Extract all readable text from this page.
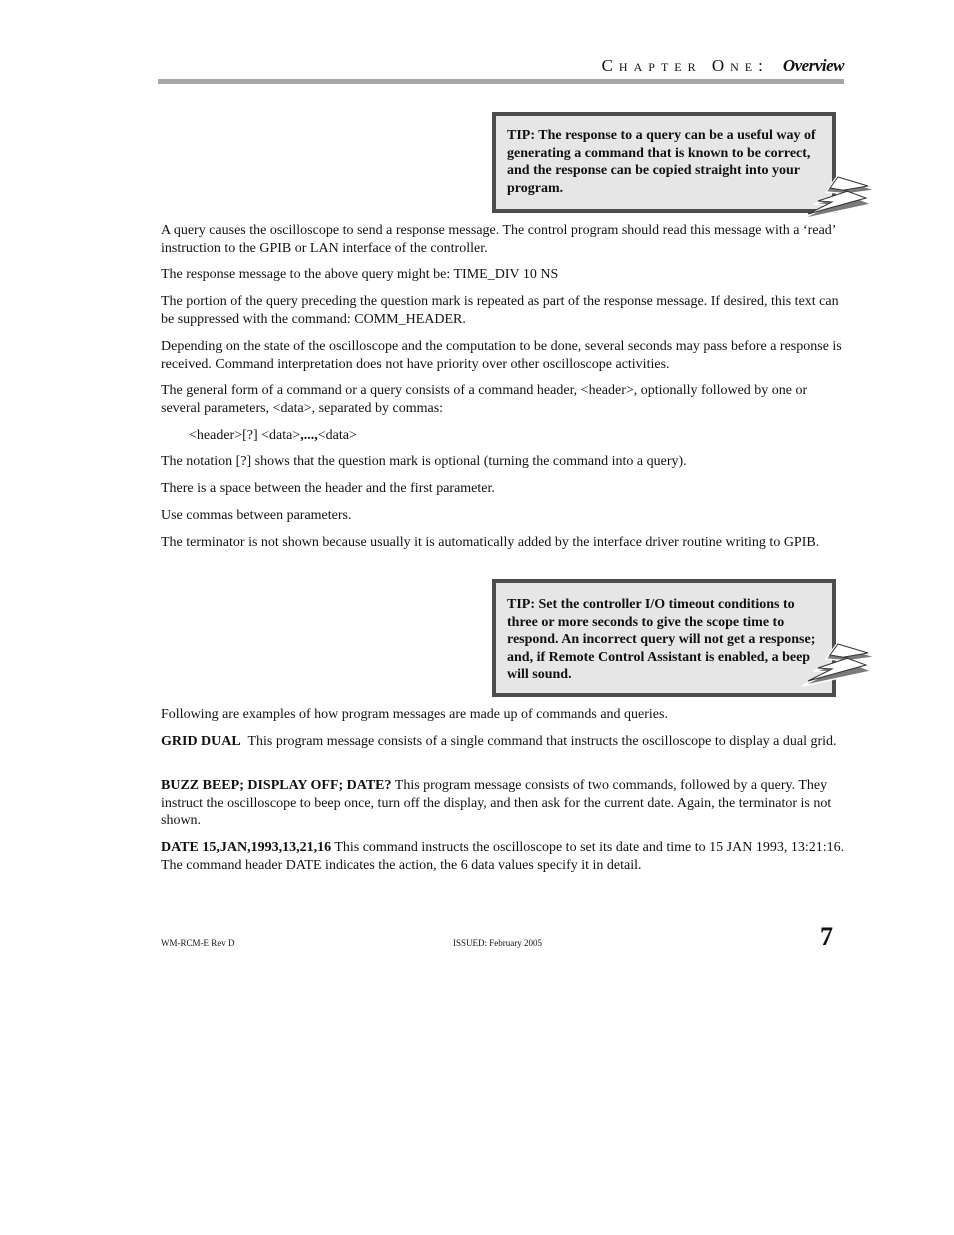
Chapter One: Overview
TIP: The response to a query can be a useful way of generating a command that is known to be correct, and the response can be copied straight into your program.

A query causes the oscilloscope to send a response message. The control program should read this message with a ‘read’ instruction to the GPIB or LAN interface of the controller.

The response message to the above query might be: TIME_DIV 10 NS

The portion of the query preceding the question mark is repeated as part of the response message. If desired, this text can be suppressed with the command: COMM_HEADER.

Depending on the state of the oscilloscope and the computation to be done, several seconds may pass before a response is received. Command interpretation does not have priority over other oscilloscope activities.

The general form of a command or a query consists of a command header, <header>, optionally followed by one or several parameters, <data>, separated by commas:

<header>[?] <data>,...,<data>

The notation [?] shows that the question mark is optional (turning the command into a query).

There is a space between the header and the first parameter.

Use commas between parameters.

The terminator is not shown because usually it is automatically added by the interface driver routine writing to GPIB.

Following are examples of how program messages are made up of commands and queries.

GRID DUAL  This program message consists of a single command that instructs the oscilloscope to display a dual grid.

BUZZ BEEP; DISPLAY OFF; DATE? This program message consists of two commands, followed by a query. They instruct the oscilloscope to beep once, turn off the display, and then ask for the current date. Again, the terminator is not shown.

DATE 15,JAN,1993,13,21,16 This command instructs the oscilloscope to set its date and time to 15 JAN 1993, 13:21:16. The command header DATE indicates the action, the 6 data values specify it in detail.

TIP: Set the controller I/O timeout conditions to three or more seconds to give the scope time to respond. An incorrect query will not get a response; and, if Remote Control Assistant is enabled, a beep will sound.
WM-RCM-E Rev D	ISSUED: February 2005	7
